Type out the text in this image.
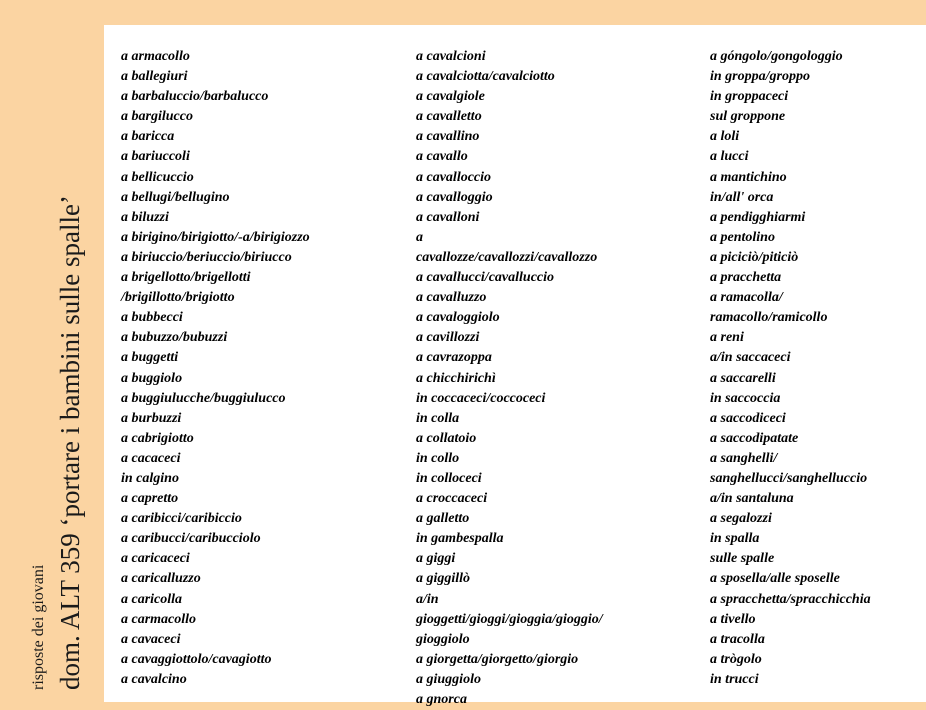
dom. ALT 359 ‘portare i bambini sulle spalle’
risposte dei giovani
a armacollo
a ballegiuri
a barbaluccio/barbalucco
a bargilucco
a baricca
a bariuccoli
a bellicuccio
a bellugi/bellugino
a biluzzi
a birigino/birigiotto/-a/birigiozzo
a biriuccio/beriuccio/biriucco
a brigellotto/brigellotti
/brigillotto/brigiotto
a bubbecci
a bubuzzo/bubuzzi
a buggetti
a buggiolo
a buggiulucche/buggiulucco
a burbuzzi
a cabrigiotto
a cacaceci
in calgino
a capretto
a caribicci/caribiccio
a caribucci/caribucciolo
a caricaceci
a caricalluzzo
a caricolla
a carmacollo
a cavaceci
a cavaggiottolo/cavagiotto
a cavalcino
a cavalcioni
a cavalciotta/cavalciotto
a cavalgiole
a cavalletto
a cavallino
a cavallo
a cavalloccio
a cavalloggio
a cavalloni
a
cavallozze/cavallozzi/cavallozzo
a cavallucci/cavalluccio
a cavalluzzo
a cavaloggiolo
a cavillozzi
a cavrazoppa
a chicchirichì
in coccaceci/coccoceci
in colla
a collatoio
in collo
in colloceci
a croccaceci
a galletto
in gambespalla
a giggi
a giggillò
a/in
gioggetti/gioggi/gioggia/gioggio/
gioggiolo
a giorgetta/giorgetto/giorgio
a giuggiolo
a gnorca
a góngolo/gongologgio
in groppa/groppo
in groppaceci
sul groppone
a loli
a lucci
a mantichino
in/all' orca
a pendigghiarmi
a pentolino
a piciciò/piticiò
a pracchetta
a ramacolla/
ramacollo/ramicollo
a reni
a/in saccaceci
a saccarelli
in saccoccia
a saccodiceci
a saccodipatate
a sanghelli/
sanghellucci/sanghelluccio
a/in santaluna
a segalozzi
in spalla
sulle spalle
a sposella/alle sposelle
a spracchetta/spracchicchia
a tivello
a tracolla
a trògolo
in trucci
